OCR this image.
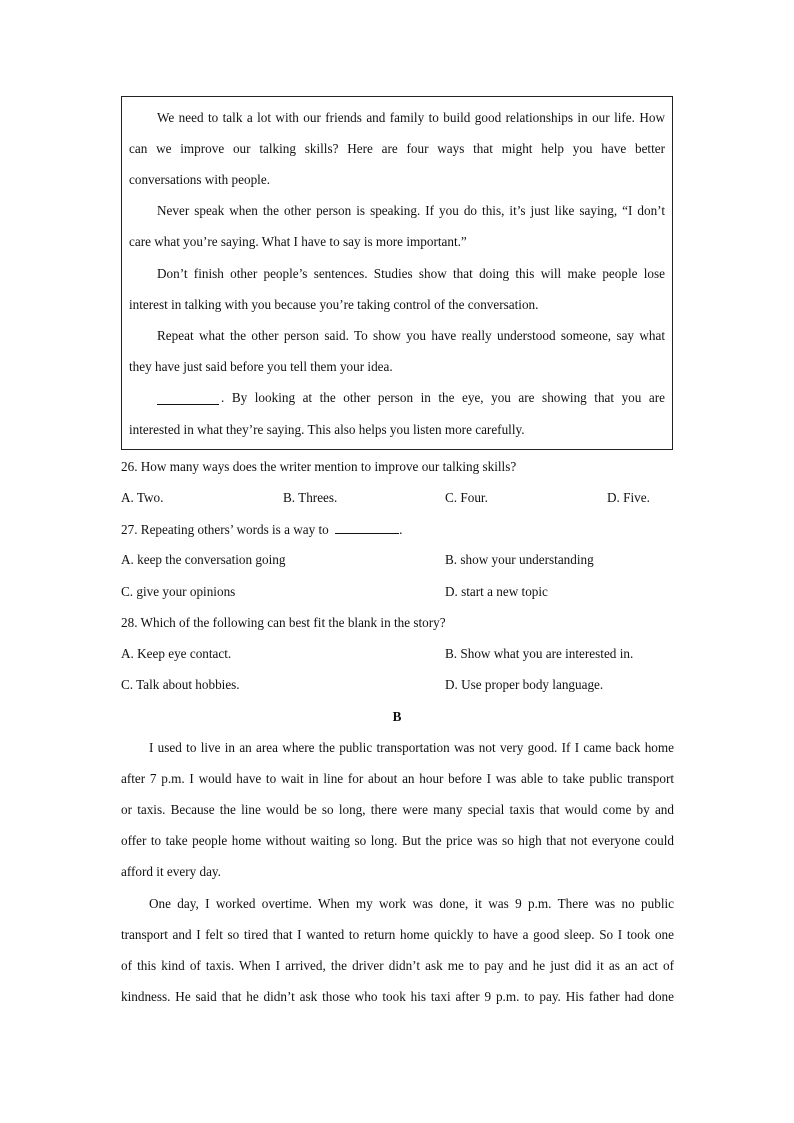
We need to talk a lot with our friends and family to build good relationships in our life. How
can we improve our talking skills? Here are four ways that might help you have better
conversations with people.
Never speak when the other person is speaking. If you do this, it’s just like saying, “I don’t
care what you’re saying. What I have to say is more important.”
Don’t finish other people’s sentences. Studies show that doing this will make people lose
interest in talking with you because you’re taking control of the conversation.
Repeat what the other person said. To show you have really understood someone, say what
they have just said before you tell them your idea.
. By looking at the other person in the eye, you are showing that you are
interested in what they’re saying. This also helps you listen more carefully.
26. How many ways does the writer mention to improve our talking skills?
A. Two.	B. Threes.	C. Four.	D. Five.
27. Repeating others’ words is a way to	.
A. keep the conversation going	B. show your understanding
C. give your opinions	D. start a new topic
28. Which of the following can best fit the blank in the story?
A. Keep eye contact.	B. Show what you are interested in.
C. Talk about hobbies.	D. Use proper body language.
B
I used to live in an area where the public transportation was not very good. If I came back home
after 7 p.m. I would have to wait in line for about an hour before I was able to take public transport
or taxis. Because the line would be so long, there were many special taxis that would come by and
offer to take people home without waiting so long. But the price was so high that not everyone could
afford it every day.
One day, I worked overtime. When my work was done, it was 9 p.m. There was no public
transport and I felt so tired that I wanted to return home quickly to have a good sleep. So I took one
of this kind of taxis. When I arrived, the driver didn’t ask me to pay and he just did it as an act of
kindness. He said that he didn’t ask those who took his taxi after 9 p.m. to pay. His father had done
